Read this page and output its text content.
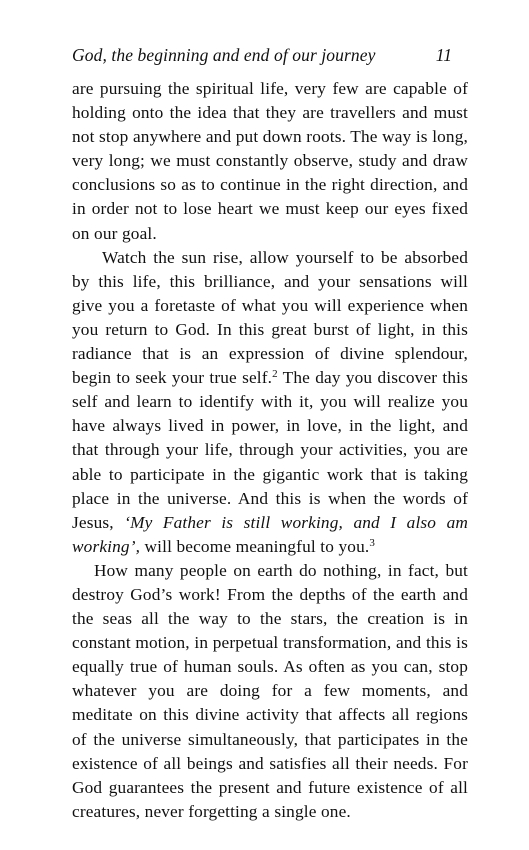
God, the beginning and end of our journey	11

are pursuing the spiritual life, very few are capable of holding onto the idea that they are travellers and must not stop anywhere and put down roots. The way is long, very long; we must constantly observe, study and draw conclusions so as to continue in the right direction, and in order not to lose heart we must keep our eyes fixed on our goal.

Watch the sun rise, allow yourself to be absorbed by this life, this brilliance, and your sensations will give you a foretaste of what you will experience when you return to God. In this great burst of light, in this radiance that is an expression of divine splendour, begin to seek your true self.$^2$ The day you discover this self and learn to identify with it, you will realize you have always lived in power, in love, in the light, and that through your life, through your activities, you are able to participate in the gigantic work that is taking place in the universe. And this is when the words of Jesus, ‘My Father is still working, and I also am working’, will become meaningful to you.$^3$

How many people on earth do nothing, in fact, but destroy God’s work! From the depths of the earth and the seas all the way to the stars, the creation is in constant motion, in perpetual transformation, and this is equally true of human souls. As often as you can, stop whatever you are doing for a few moments, and meditate on this divine activity that affects all regions of the universe simultaneously, that participates in the existence of all beings and satisfies all their needs. For God guarantees the present and future existence of all creatures, never forgetting a single one.
